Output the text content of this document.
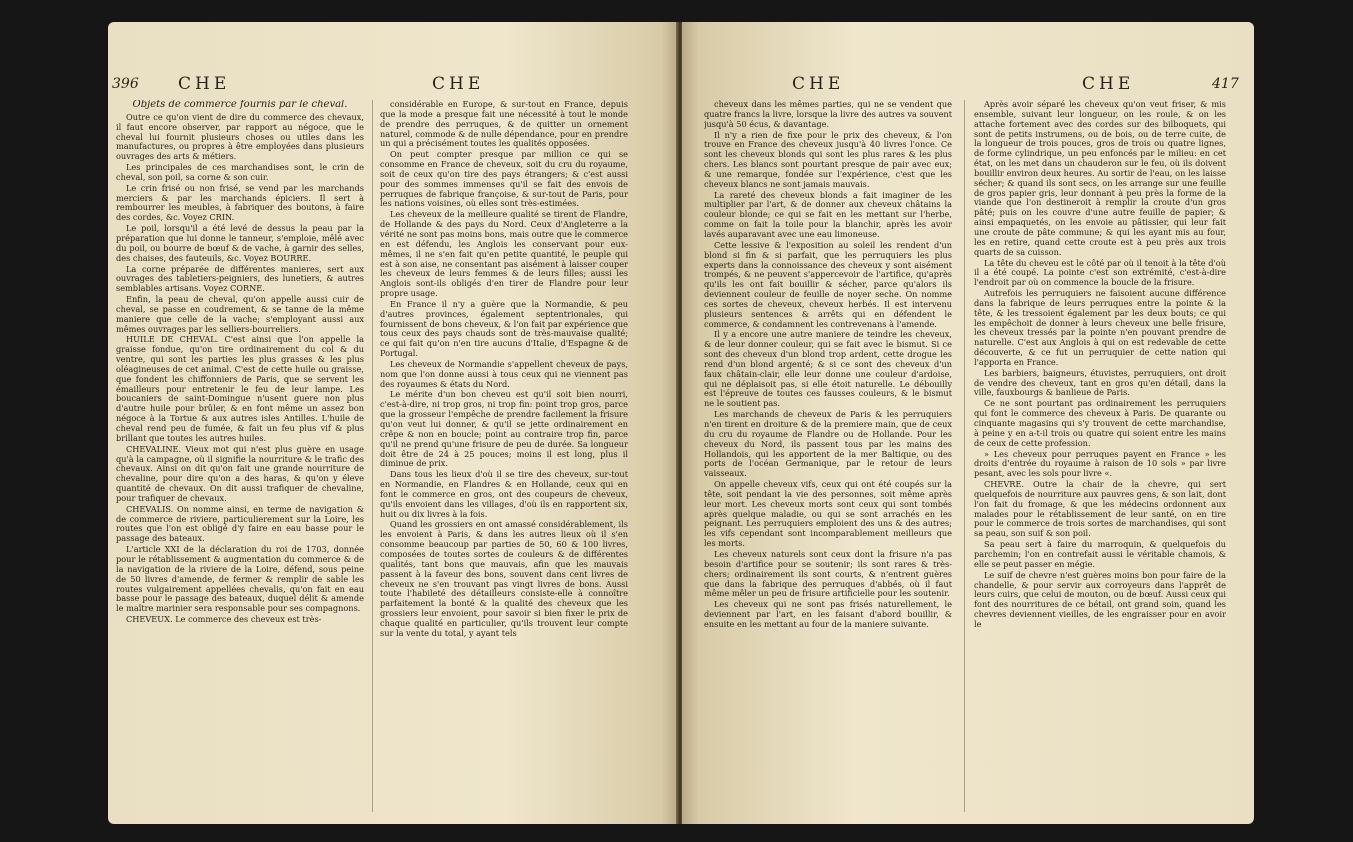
396 CHE	CHE
Objets de commerce fournis par le cheval.

Outre ce qu'on vient de dire du commerce des chevaux, il faut encore observer, par rapport au négoce, que le cheval lui fournit plusieurs choses ou utiles dans les manufactures, ou propres à être employées dans plusieurs ouvrages des arts & métiers.

Les principales de ces marchandises sont, le crin de cheval, son poil, sa corne & son cuir.

Le crin frisé ou non frisé, se vend par les marchands merciers & par les marchands épiciers. Il sert à rembourrer les meubles, à fabriquer des boutons, à faire des cordes, &c. Voyez CRIN.

Le poil, lorsqu'il a été levé de dessus la peau par la préparation que lui donne le tanneur, s'emploie, mêlé avec du poil, ou bourre de bœuf & de vache, à garnir des selles, des chaises, des fauteuils, &c. Voyez BOURRE.

La corne préparée de différentes manieres, sert aux ouvrages des tabletiers-peigniers, des lunetiers, & autres semblables artisans. Voyez CORNE.

Enfin, la peau de cheval, qu'on appelle aussi cuir de cheval, se passe en coudrement, & se tanne de la même maniere que celle de la vache; s'employant aussi aux mêmes ouvrages par les selliers-bourreliers.

HUILE DE CHEVAL. C'est ainsi que l'on appelle la graisse fondue, qu'on tire ordinairement du col & du ventre, qui sont les parties les plus grasses & les plus oléagineuses de cet animal. C'est de cette huile ou graisse, que fondent les chiffonniers de Paris, que se servent les émailleurs pour entretenir le feu de leur lampe. Les boucaniers de saint-Domingue n'usent guere non plus d'autre huile pour brûler, & en font même un assez bon négoce à la Tortue & aux autres isles Antilles. L'huile de cheval rend peu de fumée, & fait un feu plus vif & plus brillant que toutes les autres huiles.

CHEVALINE. Vieux mot qui n'est plus guère en usage qu'à la campagne, où il signifie la nourriture & le trafic des chevaux. Ainsi on dit qu'on fait une grande nourriture de chevaline, pour dire qu'on a des haras, & qu'on y éleve quantité de chevaux. On dit aussi trafiquer de chevaline, pour trafiquer de chevaux.

CHEVALIS. On nomme ainsi, en terme de navigation & de commerce de riviere, particulierement sur la Loire, les routes que l'on est obligé d'y faire en eau basse pour le passage des bateaux.

L'article XXI de la déclaration du roi de 1703, donnée pour le rétablissement & augmentation du commerce & de la navigation de la riviere de la Loire, défend, sous peine de 50 livres d'amende, de fermer & remplir de sable les routes vulgairement appellées chevalis, qu'on fait en eau basse pour le passage des bateaux, duquel délit & amende le maître marinier sera responsable pour ses compagnons.

CHEVEUX. Le commerce des cheveux est très-

considérable en Europe, & sur-tout en France, depuis que la mode a presque fait une nécessité à tout le monde de prendre des perruques, & de quitter un ornement naturel, commode & de nulle dépendance, pour en prendre un qui a précisément toutes les qualités opposées.

On peut compter presque par million ce qui se consomme en France de cheveux, soit du cru du royaume, soit de ceux qu'on tire des pays étrangers; & c'est aussi pour des sommes immenses qu'il se fait des envois de perruques de fabrique françoise, & sur-tout de Paris, pour les nations voisines, où elles sont très-estimées.

Les cheveux de la meilleure qualité se tirent de Flandre, de Hollande & des pays du Nord. Ceux d'Angleterre a la vérité ne sont pas moins bons, mais outre que le commerce en est défendu, les Anglois les conservant pour eux-mêmes, il ne s'en fait qu'en petite quantité, le peuple qui est à son aise, ne consentant pas aisément à laisser couper les cheveux de leurs femmes & de leurs filles; aussi les Anglois sont-ils obligés d'en tirer de Flandre pour leur propre usage.

En France il n'y a guère que la Normandie, & peu d'autres provinces, également septentrionales, qui fournissent de bons cheveux, & l'on fait par expérience que tous ceux des pays chauds sont de très-mauvaise qualité; ce qui fait qu'on n'en tire aucuns d'Italie, d'Espagne & de Portugal.

Les cheveux de Normandie s'appellent cheveux de pays, nom que l'on donne aussi à tous ceux qui ne viennent pas des royaumes & états du Nord.

Le mérite d'un bon cheveu est qu'il soit bien nourri, c'est-à-dire, ni trop gros, ni trop fin: point trop gros, parce que la grosseur l'empêche de prendre facilement la frisure qu'on veut lui donner, & qu'il se jette ordinairement en crêpe & non en boucle; point au contraire trop fin, parce qu'il ne prend qu'une frisure de peu de durée. Sa longueur doit être de 24 à 25 pouces; moins il est long, plus il diminue de prix.

Dans tous les lieux d'où il se tire des cheveux, sur-tout en Normandie, en Flandres & en Hollande, ceux qui en font le commerce en gros, ont des coupeurs de cheveux, qu'ils envoient dans les villages, d'où ils en rapportent six, huit ou dix livres à la fois.

Quand les grossiers en ont amassé considérablement, ils les envoient à Paris, & dans les autres lieux où il s'en consomme beaucoup par parties de 50, 60 & 100 livres, composées de toutes sortes de couleurs & de différentes qualités, tant bons que mauvais, afin que les mauvais passent à la faveur des bons, souvent dans cent livres de cheveux ne s'en trouvant pas vingt livres de bons. Aussi toute l'habileté des détailleurs consiste-elle à connoître parfaitement la bonté & la qualité des cheveux que les grossiers leur envoient, pour savoir si bien fixer le prix de chaque qualité en particulier, qu'ils trouvent leur compte sur la vente du total, y ayant tels

CHE	CHE	417

cheveux dans les mêmes parties, qui ne se vendent que quatre francs la livre, lorsque la livre des autres va souvent jusqu'à 50 écus, & davantage.

Il n'y a rien de fixe pour le prix des cheveux, & l'on trouve en France des cheveux jusqu'à 40 livres l'once. Ce sont les cheveux blonds qui sont les plus rares & les plus chers. Les blancs sont pourtant presque de pair avec eux; & une remarque, fondée sur l'expérience, c'est que les cheveux blancs ne sont jamais mauvais.

La rareté des cheveux blonds a fait imaginer de les multiplier par l'art, & de donner aux cheveux châtains la couleur blonde; ce qui se fait en les mettant sur l'herbe, comme on fait la toile pour la blanchir, après les avoir lavés auparavant avec une eau limoneuse.

Cette lessive & l'exposition au soleil les rendent d'un blond si fin & si parfait, que les perruquiers les plus experts dans la connoissance des cheveux y sont aisément trompés, & ne peuvent s'appercevoir de l'artifice, qu'après qu'ils les ont fait bouillir & sécher, parce qu'alors ils deviennent couleur de feuille de noyer seche. On nomme ces sortes de cheveux, cheveux herbés. Il est intervenu plusieurs sentences & arrêts qui en défendent le commerce, & condamnent les contrevenans à l'amende.

Il y a encore une autre maniere de teindre les cheveux, & de leur donner couleur, qui se fait avec le bismut. Si ce sont des cheveux d'un blond trop ardent, cette drogue les rend d'un blond argenté; & si ce sont des cheveux d'un faux châtain-clair, elle leur donne une couleur d'ardoise, qui ne déplaisoit pas, si elle étoit naturelle. Le débouilly est l'épreuve de toutes ces fausses couleurs, & le bismut ne le soutient pas.

Les marchands de cheveux de Paris & les perruquiers n'en tirent en droiture & de la premiere main, que de ceux du cru du royaume de Flandre ou de Hollande. Pour les cheveux du Nord, ils passent tous par les mains des Hollandois, qui les apportent de la mer Baltique, ou des ports de l'océan Germanique, par le retour de leurs vaisseaux.

On appelle cheveux vifs, ceux qui ont été coupés sur la tête, soit pendant la vie des personnes, soit même après leur mort. Les cheveux morts sont ceux qui sont tombés après quelque maladie, ou qui se sont arrachés en les peignant. Les perruquiers emploient des uns & des autres; les vifs cependant sont incomparablement meilleurs que les morts.

Les cheveux naturels sont ceux dont la frisure n'a pas besoin d'artifice pour se soutenir; ils sont rares & très-chers; ordinairement ils sont courts, & n'entrent guères que dans la fabrique des perruques d'abbés, où il faut même mêler un peu de frisure artificielle pour les soutenir.

Les cheveux qui ne sont pas frisés naturellement, le deviennent par l'art, en les faisant d'abord bouillir, & ensuite en les mettant au four de la maniere suivante.

Après avoir séparé les cheveux qu'on veut friser, & mis ensemble, suivant leur longueur, on les roule, & on les attache fortement avec des cordes sur des bilboquets, qui sont de petits instrumens, ou de bois, ou de terre cuite, de la longueur de trois pouces, gros de trois ou quatre lignes, de forme cylindrique, un peu enfoncés par le milieu: en cet état, on les met dans un chauderon sur le feu, où ils doivent bouillir environ deux heures. Au sortir de l'eau, on les laisse sécher; & quand ils sont secs, on les arrange sur une feuille de gros papier gris, leur donnant à peu près la forme de la viande que l'on destineroit à remplir la croute d'un gros pâté; puis on les couvre d'une autre feuille de papier; & ainsi empaquetés, on les envoie au pâtissier, qui leur fait une croute de pâte commune; & qui les ayant mis au four, les en retire, quand cette croute est à peu près aux trois quarts de sa cuisson.

La tête du cheveu est le côté par où il tenoit à la tête d'où il a été coupé. La pointe c'est son extrémité, c'est-à-dire l'endroit par où on commence la boucle de la frisure.

Autrefois les perruquiers ne faisoient aucune différence dans la fabrique de leurs perruques entre la pointe & la tête, & les tressoient également par les deux bouts; ce qui les empêchoit de donner à leurs cheveux une belle frisure, les cheveux tressés par la pointe n'en pouvant prendre de naturelle. C'est aux Anglois à qui on est redevable de cette découverte, & ce fut un perruquier de cette nation qui l'apporta en France.

Les barbiers, baigneurs, étuvistes, perruquiers, ont droit de vendre des cheveux, tant en gros qu'en détail, dans la ville, fauxbourgs & banlieue de Paris.

Ce ne sont pourtant pas ordinairement les perruquiers qui font le commerce des cheveux à Paris. De quarante ou cinquante magasins qui s'y trouvent de cette marchandise, à peine y en a-t-il trois ou quatre qui soient entre les mains de ceux de cette profession.

» Les cheveux pour perruques payent en France » les droits d'entrée du royaume à raison de 10 sols » par livre pesant, avec les sols pour livre «.

CHEVRE. Outre la chair de la chevre, qui sert quelquefois de nourriture aux pauvres gens, & son lait, dont l'on fait du fromage, & que les médecins ordonnent aux malades pour le rétablissement de leur santé, on en tire pour le commerce de trois sortes de marchandises, qui sont sa peau, son suif & son poil.

Sa peau sert à faire du marroquin, & quelquefois du parchemin; l'on en contrefait aussi le véritable chamois, & elle se peut passer en mégie.

Le suif de chevre n'est guères moins bon pour faire de la chandelle, & pour servir aux corroyeurs dans l'apprêt de leurs cuirs, que celui de mouton, ou de bœuf. Aussi ceux qui font des nourritures de ce bétail, ont grand soin, quand les chevres deviennent vieilles, de les engraisser pour en avoir le
